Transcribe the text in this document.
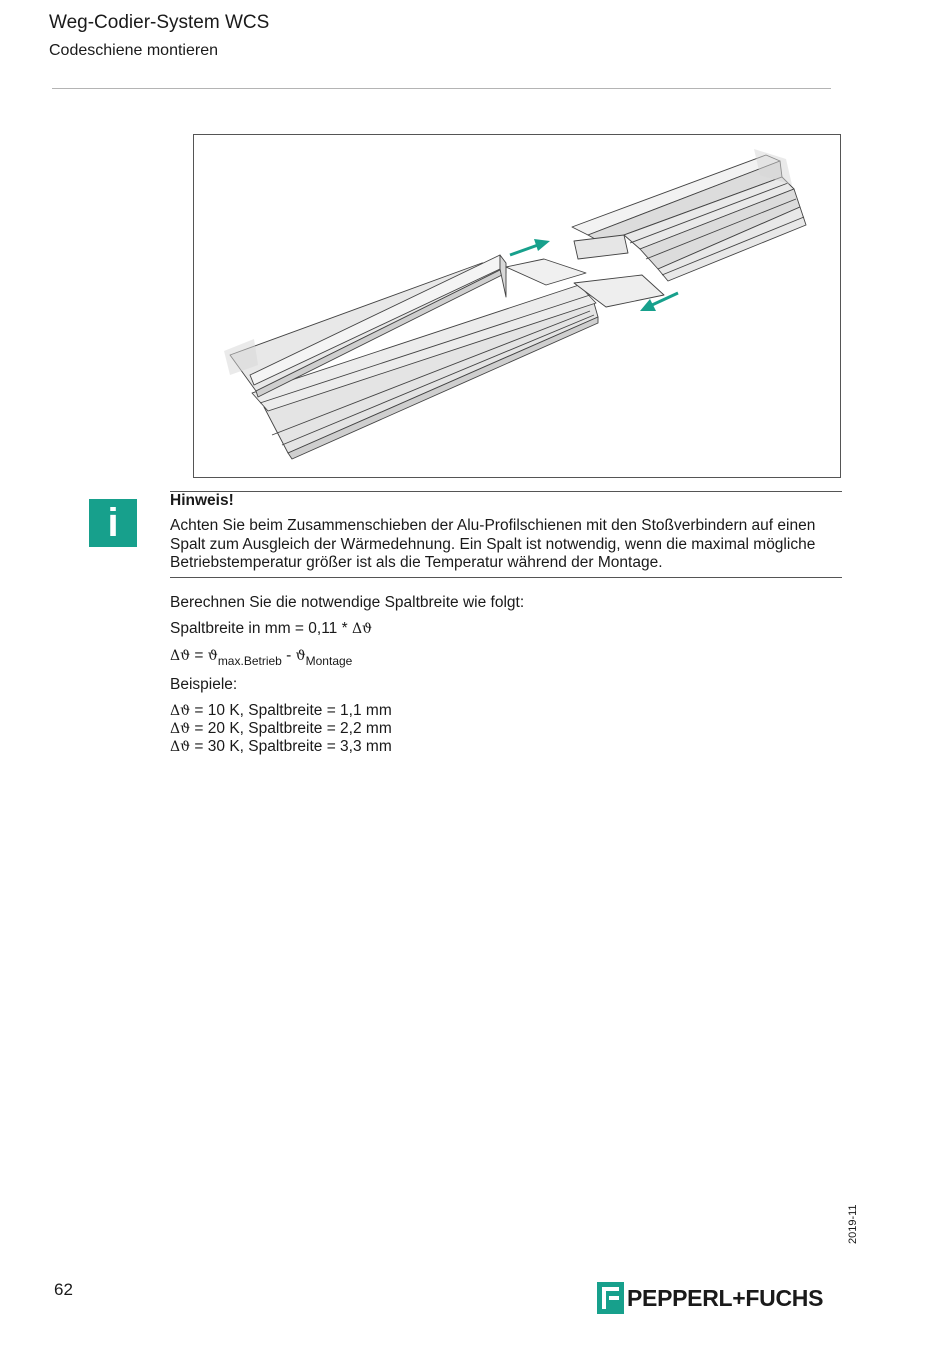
Weg-Codier-System WCS
Codeschiene montieren
i
Hinweis!
Achten Sie beim Zusammenschieben der Alu-Profilschienen mit den Stoßverbindern auf einen Spalt zum Ausgleich der Wärmedehnung. Ein Spalt ist notwendig, wenn die maximal mögliche Betriebstemperatur größer ist als die Temperatur während der Montage.
Berechnen Sie die notwendige Spaltbreite wie folgt:
Spaltbreite in mm = 0,11 * Δϑ
$\Delta ϑ = ϑ_{max.Betrieb} - ϑ_{Montage}$
Beispiele:
Δϑ = 10 K, Spaltbreite = 1,1 mm
Δϑ = 20 K, Spaltbreite = 2,2 mm
Δϑ = 30 K, Spaltbreite = 3,3 mm
2019-11
62	PEPPERL+FUCHS
